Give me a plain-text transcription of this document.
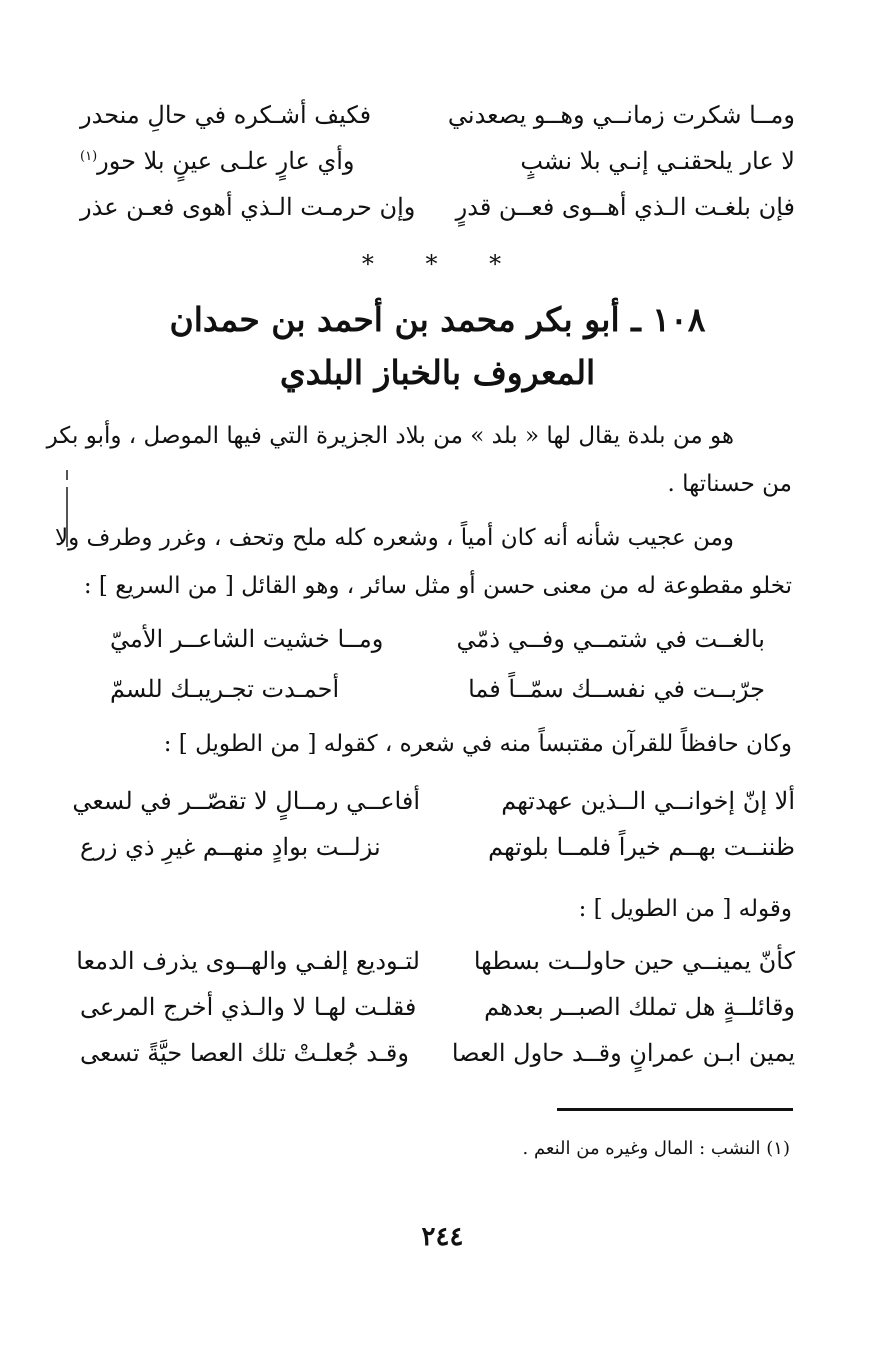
ومــا شكرت زمانــي وهــو يصعدني
فكيف أشـكره في حالِ منحدر
لا عار يلحقنـي إنـي بلا نشبٍ
وأي عارٍ علـى عينٍ بلا حور$^{(١)}$
فإن بلغـت الـذي أهــوى فعــن قدرٍ
وإن حرمـت الـذي أهوى فعـن عذر
* * *
١٠٨ ـ أبو بكر محمد بن أحمد بن حمدان
المعروف بالخباز البلدي
هو من بلدة يقال لها « بلد » من بلاد الجزيرة التي فيها الموصل ، وأبو بكر
من حسناتها .
ومن عجيب شأنه أنه كان أمياً ، وشعره كله ملح وتحف ، وغرر وطرف ولا
تخلو مقطوعة له من معنى حسن أو مثل سائر ، وهو القائل [ من السريع ] :
بالغــت في شتمــي وفــي ذمّي
ومــا خشيت الشاعــر الأميّ
جرّبــت في نفســك سمّــاً فما
أحمـدت تجـريبـك للسمّ
وكان حافظاً للقرآن مقتبساً منه في شعره ، كقوله [ من الطويل ] :
ألا إنّ إخوانــي الــذين عهدتهم
أفاعــي رمــالٍ لا تقصّــر في لسعي
ظننــت بهــم خيراً فلمــا بلوتهم
نزلــت بوادٍ منهــم غيرِ ذي زرع
وقوله [ من الطويل ] :
كأنّ يمينــي حين حاولــت بسطها
لتـوديع إلفـي والهــوى يذرف الدمعا
وقائلــةٍ هل تملك الصبــر بعدهم
فقلـت لهـا لا والـذي أخرج المرعى
يمين ابـن عمرانٍ وقــد حاول العصا
وقـد جُعلـتْ تلك العصا حيَّةً تسعى
(١) النشب : المال وغيره من النعم .
٢٤٤
